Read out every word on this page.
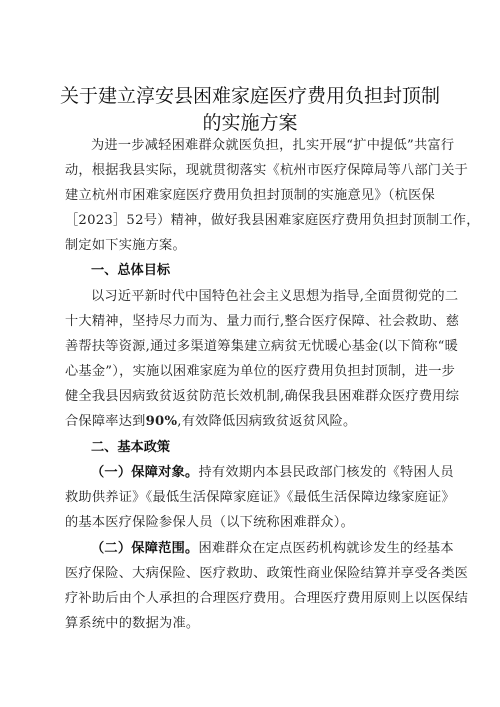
关于建立淳安县困难家庭医疗费用负担封顶制
的实施方案
为进一步减轻困难群众就医负担，扎实开展“扩中提低”共富行
动，根据我县实际，现就贯彻落实《杭州市医疗保障局等八部门关于
建立杭州市困难家庭医疗费用负担封顶制的实施意见》（杭医保
［2023］52号）精神，做好我县困难家庭医疗费用负担封顶制工作，
制定如下实施方案。
一、总体目标
以习近平新时代中国特色社会主义思想为指导,全面贯彻党的二
十大精神，坚持尽力而为、量力而行,整合医疗保障、社会救助、慈
善帮扶等资源,通过多渠道筹集建立病贫无忧暖心基金(以下简称“暖
心基金”），实施以困难家庭为单位的医疗费用负担封顶制，进一步
健全我县因病致贫返贫防范长效机制,确保我县困难群众医疗费用综
合保障率达到90%,有效降低因病致贫返贫风险。
二、基本政策
（一）保障对象。持有效期内本县民政部门核发的《特困人员
救助供养证》《最低生活保障家庭证》《最低生活保障边缘家庭证》
的基本医疗保险参保人员（以下统称困难群众）。
（二）保障范围。困难群众在定点医药机构就诊发生的经基本
医疗保险、大病保险、医疗救助、政策性商业保险结算并享受各类医
疗补助后由个人承担的合理医疗费用。合理医疗费用原则上以医保结
算系统中的数据为准。
